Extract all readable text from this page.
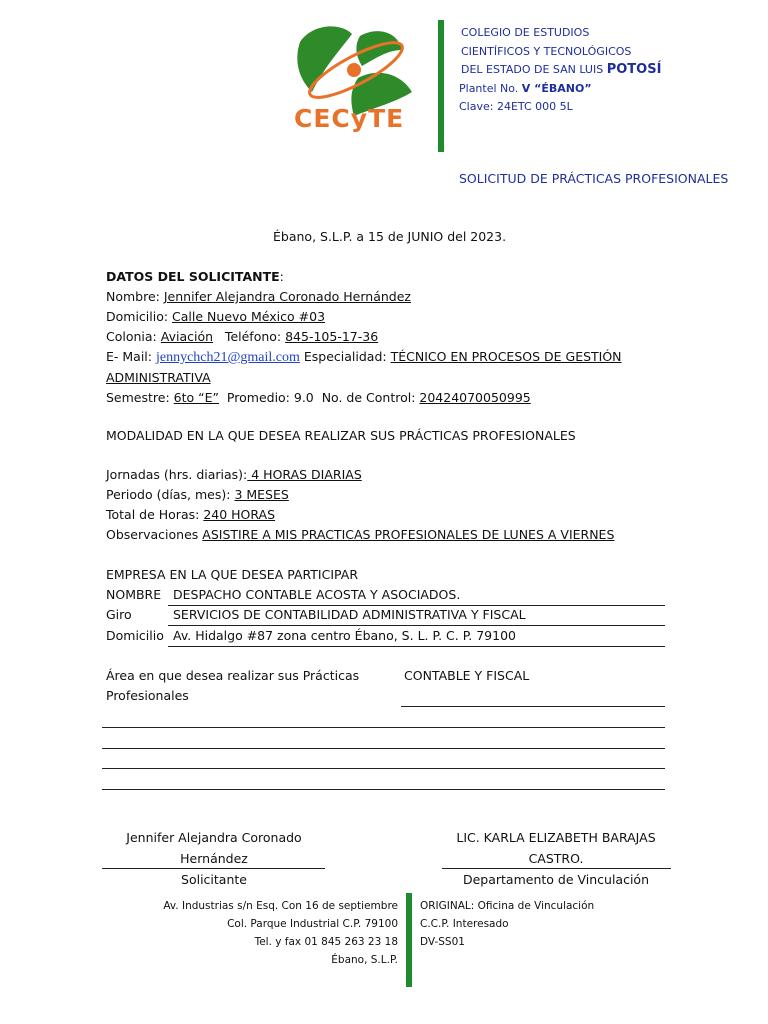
CECyTE
COLEGIO DE ESTUDIOS
CIENTÍFICOS Y TECNOLÓGICOS
DEL ESTADO DE SAN LUIS POTOSÍ
Plantel No. V “ÉBANO”
Clave: 24ETC 000 5L
SOLICITUD DE PRÁCTICAS PROFESIONALES
Ébano, S.L.P. a 15 de JUNIO del 2023.
DATOS DEL SOLICITANTE:
Nombre: Jennifer Alejandra Coronado Hernández
Domicilio: Calle Nuevo México #03
Colonia: Aviación   Teléfono: 845-105-17-36
E- Mail: jennychch21@gmail.com Especialidad: TÉCNICO EN PROCESOS DE GESTIÓN
ADMINISTRATIVA
Semestre: 6to “E”  Promedio: 9.0  No. de Control: 20424070050995
MODALIDAD EN LA QUE DESEA REALIZAR SUS PRÁCTICAS PROFESIONALES
Jornadas (hrs. diarias): 4 HORAS DIARIAS
Periodo (días, mes): 3 MESES
Total de Horas: 240 HORAS
Observaciones ASISTIRE A MIS PRACTICAS PROFESIONALES DE LUNES A VIERNES
EMPRESA EN LA QUE DESEA PARTICIPAR
NOMBRE DESPACHO CONTABLE ACOSTA Y ASOCIADOS.
Giro	SERVICIOS DE CONTABILIDAD ADMINISTRATIVA Y FISCAL
Domicilio Av. Hidalgo #87 zona centro Ébano, S. L. P. C. P. 79100
Área en que desea realizar sus Prácticas
Profesionales
CONTABLE Y FISCAL
Jennifer Alejandra Coronado
Hernández
Solicitante
LIC. KARLA ELIZABETH BARAJAS
CASTRO.
Departamento de Vinculación
Av. Industrias s/n Esq. Con 16 de septiembre
Col. Parque Industrial C.P. 79100
Tel. y fax 01 845 263 23 18
Ébano, S.L.P.
ORIGINAL: Oficina de Vinculación
C.C.P. Interesado
DV-SS01
